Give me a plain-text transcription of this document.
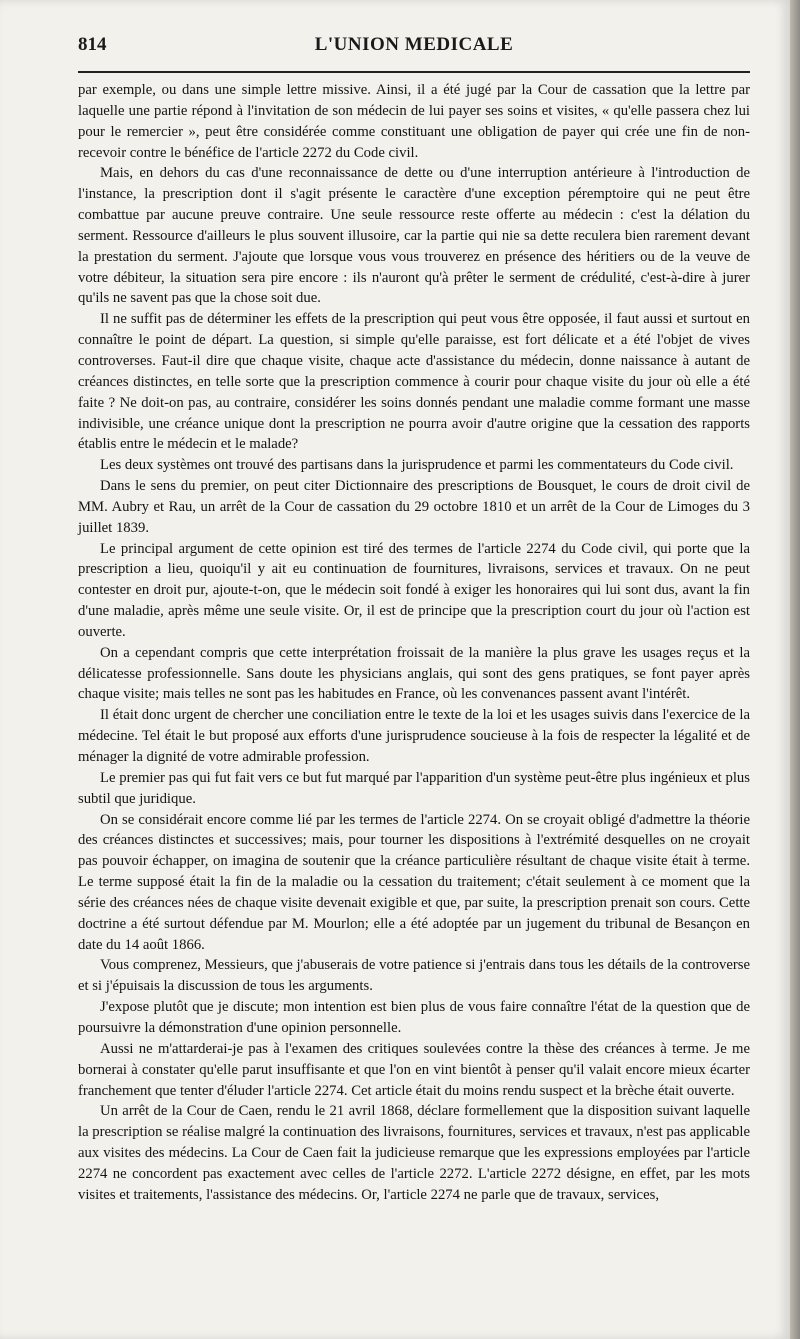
814	L'UNION MEDICALE

par exemple, ou dans une simple lettre missive. Ainsi, il a été jugé par la Cour de cassation que la lettre par laquelle une partie répond à l'invitation de son médecin de lui payer ses soins et visites, « qu'elle passera chez lui pour le remercier », peut être considérée comme constituant une obligation de payer qui crée une fin de non-recevoir contre le bénéfice de l'article 2272 du Code civil.

Mais, en dehors du cas d'une reconnaissance de dette ou d'une interruption antérieure à l'introduction de l'instance, la prescription dont il s'agit présente le caractère d'une exception péremptoire qui ne peut être combattue par aucune preuve contraire. Une seule ressource reste offerte au médecin : c'est la délation du serment. Ressource d'ailleurs le plus souvent illusoire, car la partie qui nie sa dette reculera bien rarement devant la prestation du serment. J'ajoute que lorsque vous vous trouverez en présence des héritiers ou de la veuve de votre débiteur, la situation sera pire encore : ils n'auront qu'à prêter le serment de crédulité, c'est-à-dire à jurer qu'ils ne savent pas que la chose soit due.

Il ne suffit pas de déterminer les effets de la prescription qui peut vous être opposée, il faut aussi et surtout en connaître le point de départ. La question, si simple qu'elle paraisse, est fort délicate et a été l'objet de vives controverses. Faut-il dire que chaque visite, chaque acte d'assistance du médecin, donne naissance à autant de créances distinctes, en telle sorte que la prescription commence à courir pour chaque visite du jour où elle a été faite ? Ne doit-on pas, au contraire, considérer les soins donnés pendant une maladie comme formant une masse indivisible, une créance unique dont la prescription ne pourra avoir d'autre origine que la cessation des rapports établis entre le médecin et le malade?

Les deux systèmes ont trouvé des partisans dans la jurisprudence et parmi les commentateurs du Code civil.

Dans le sens du premier, on peut citer Dictionnaire des prescriptions de Bousquet, le cours de droit civil de MM. Aubry et Rau, un arrêt de la Cour de cassation du 29 octobre 1810 et un arrêt de la Cour de Limoges du 3 juillet 1839.

Le principal argument de cette opinion est tiré des termes de l'article 2274 du Code civil, qui porte que la prescription a lieu, quoiqu'il y ait eu continuation de fournitures, livraisons, services et travaux. On ne peut contester en droit pur, ajoute-t-on, que le médecin soit fondé à exiger les honoraires qui lui sont dus, avant la fin d'une maladie, après même une seule visite. Or, il est de principe que la prescription court du jour où l'action est ouverte.

On a cependant compris que cette interprétation froissait de la manière la plus grave les usages reçus et la délicatesse professionnelle. Sans doute les physicians anglais, qui sont des gens pratiques, se font payer après chaque visite; mais telles ne sont pas les habitudes en France, où les convenances passent avant l'intérêt.

Il était donc urgent de chercher une conciliation entre le texte de la loi et les usages suivis dans l'exercice de la médecine. Tel était le but proposé aux efforts d'une jurisprudence soucieuse à la fois de respecter la légalité et de ménager la dignité de votre admirable profession.

Le premier pas qui fut fait vers ce but fut marqué par l'apparition d'un système peut-être plus ingénieux et plus subtil que juridique.

On se considérait encore comme lié par les termes de l'article 2274. On se croyait obligé d'admettre la théorie des créances distinctes et successives; mais, pour tourner les dispositions à l'extrémité desquelles on ne croyait pas pouvoir échapper, on imagina de soutenir que la créance particulière résultant de chaque visite était à terme. Le terme supposé était la fin de la maladie ou la cessation du traitement; c'était seulement à ce moment que la série des créances nées de chaque visite devenait exigible et que, par suite, la prescription prenait son cours. Cette doctrine a été surtout défendue par M. Mourlon; elle a été adoptée par un jugement du tribunal de Besançon en date du 14 août 1866.

Vous comprenez, Messieurs, que j'abuserais de votre patience si j'entrais dans tous les détails de la controverse et si j'épuisais la discussion de tous les arguments.

J'expose plutôt que je discute; mon intention est bien plus de vous faire connaître l'état de la question que de poursuivre la démonstration d'une opinion personnelle.

Aussi ne m'attarderai-je pas à l'examen des critiques soulevées contre la thèse des créances à terme. Je me bornerai à constater qu'elle parut insuffisante et que l'on en vint bientôt à penser qu'il valait encore mieux écarter franchement que tenter d'éluder l'article 2274. Cet article était du moins rendu suspect et la brèche était ouverte.

Un arrêt de la Cour de Caen, rendu le 21 avril 1868, déclare formellement que la disposition suivant laquelle la prescription se réalise malgré la continuation des livraisons, fournitures, services et travaux, n'est pas applicable aux visites des médecins. La Cour de Caen fait la judicieuse remarque que les expressions employées par l'article 2274 ne concordent pas exactement avec celles de l'article 2272. L'article 2272 désigne, en effet, par les mots visites et traitements, l'assistance des médecins. Or, l'article 2274 ne parle que de travaux, services,
